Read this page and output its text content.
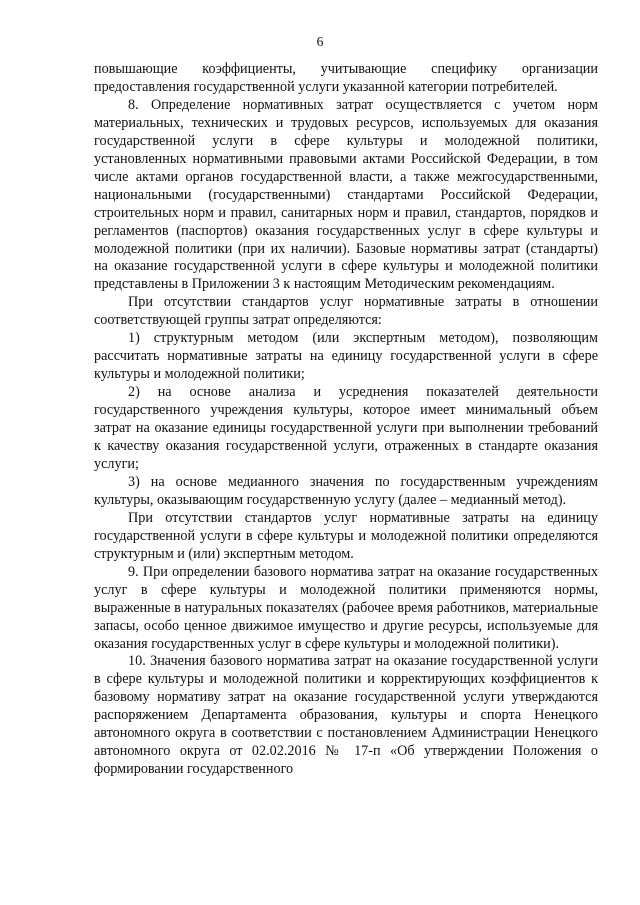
6

повышающие коэффициенты, учитывающие специфику организации предоставления государственной услуги указанной категории потребителей.

8. Определение нормативных затрат осуществляется с учетом норм материальных, технических и трудовых ресурсов, используемых для оказания государственной услуги в сфере культуры и молодежной политики, установленных нормативными правовыми актами Российской Федерации, в том числе актами органов государственной власти, а также межгосударственными, национальными (государственными) стандартами Российской Федерации, строительных норм и правил, санитарных норм и правил, стандартов, порядков и регламентов (паспортов) оказания государственных услуг в сфере культуры и молодежной политики (при их наличии). Базовые нормативы затрат (стандарты) на оказание государственной услуги в сфере культуры и молодежной политики представлены в Приложении 3 к настоящим Методическим рекомендациям.

При отсутствии стандартов услуг нормативные затраты в отношении соответствующей группы затрат определяются:

1) структурным методом (или экспертным методом), позволяющим рассчитать нормативные затраты на единицу государственной услуги в сфере культуры и молодежной политики;

2) на основе анализа и усреднения показателей деятельности государственного учреждения культуры, которое имеет минимальный объем затрат на оказание единицы государственной услуги при выполнении требований к качеству оказания государственной услуги, отраженных в стандарте оказания услуги;

3) на основе медианного значения по государственным учреждениям культуры, оказывающим государственную услугу (далее – медианный метод).

При отсутствии стандартов услуг нормативные затраты на единицу государственной услуги в сфере культуры и молодежной политики определяются структурным и (или) экспертным методом.

9. При определении базового норматива затрат на оказание государственных услуг в сфере культуры и молодежной политики применяются нормы, выраженные в натуральных показателях (рабочее время работников, материальные запасы, особо ценное движимое имущество и другие ресурсы, используемые для оказания государственных услуг в сфере культуры и молодежной политики).

10. Значения базового норматива затрат на оказание государственной услуги в сфере культуры и молодежной политики и корректирующих коэффициентов к базовому нормативу затрат на оказание государственной услуги утверждаются распоряжением Департамента образования, культуры и спорта Ненецкого автономного округа в соответствии с постановлением Администрации Ненецкого автономного округа от 02.02.2016 № 17-п «Об утверждении Положения о формировании государственного
